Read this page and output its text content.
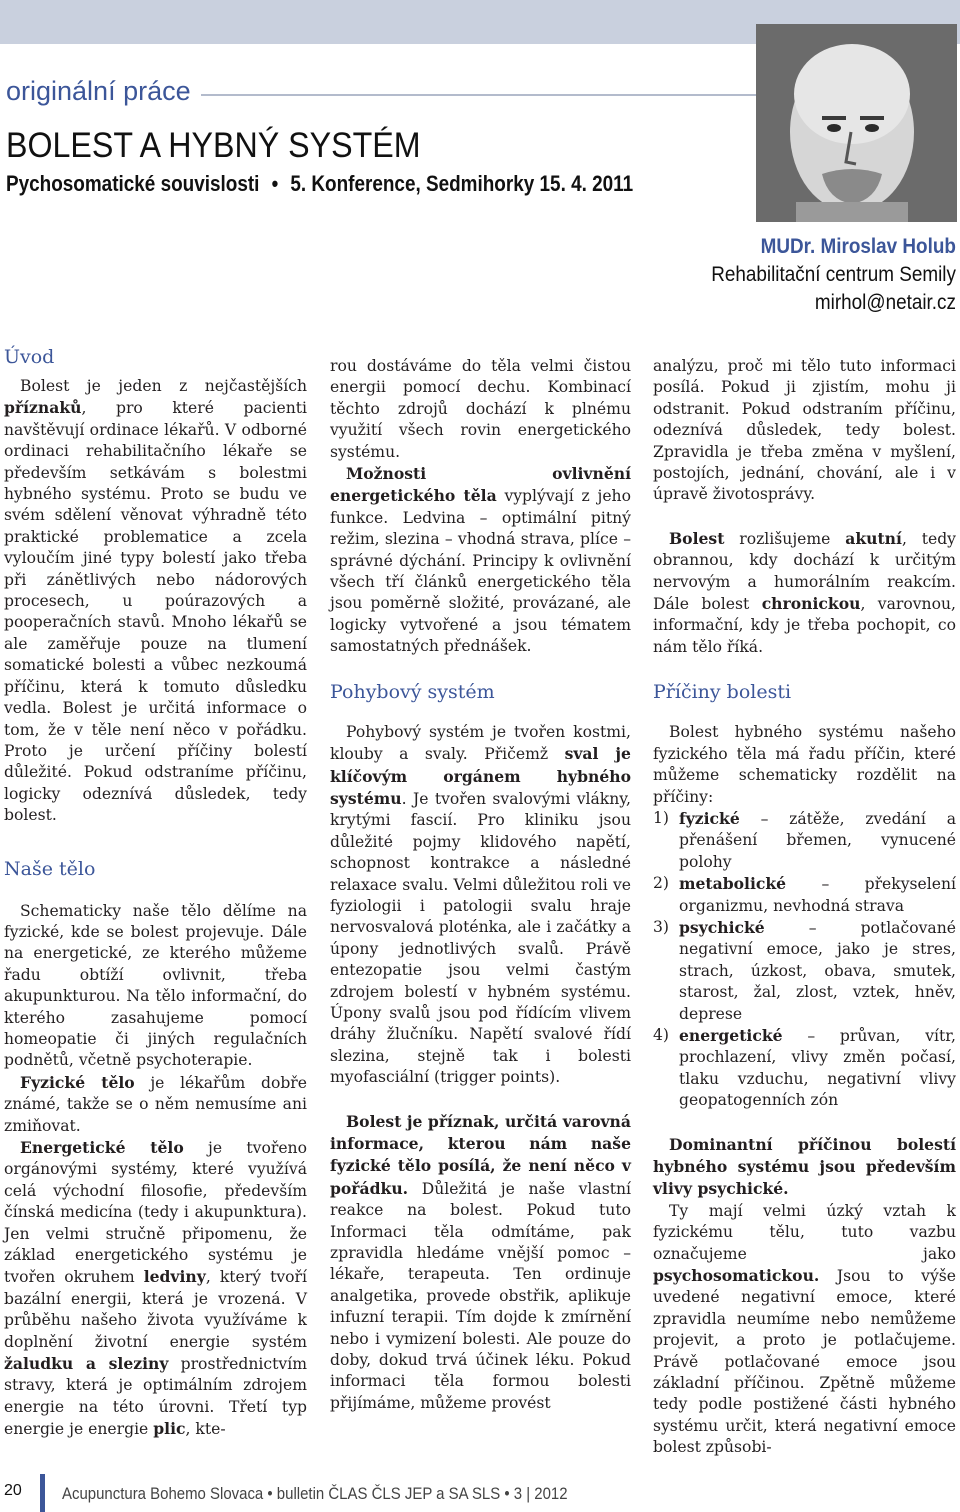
originální práce
BOLEST A HYBNÝ SYSTÉM
Pychosomatické souvislosti • 5. Konference, Sedmihorky 15. 4. 2011
MUDr. Miroslav Holub
Rehabilitační centrum Semily
mirhol@netair.cz
Úvod

Bolest je jeden z nejčastějších příznaků, pro které pacienti navštěvují ordinace lékařů. V odborné ordinaci rehabilitačního lékaře se především setkávám s bolestmi hybného systému. Proto se budu ve svém sdělení věnovat výhradně této praktické problematice a zcela vyloučím jiné typy bolestí jako třeba při zánětlivých nebo nádorových procesech, u poúrazových a pooperačních stavů. Mnoho lékařů se ale zaměřuje pouze na tlumení somatické bolesti a vůbec nezkoumá příčinu, která k tomuto důsledku vedla. Bolest je určitá informace o tom, že v těle není něco v pořádku. Proto je určení příčiny bolestí důležité. Pokud odstraníme příčinu, logicky odeznívá důsledek, tedy bolest.

Naše tělo

Schematicky naše tělo dělíme na fyzické, kde se bolest projevuje. Dále na energetické, ze kterého můžeme řadu obtíží ovlivnit, třeba akupunkturou. Na tělo informační, do kterého zasahujeme pomocí homeopatie či jiných regulačních podnětů, včetně psychoterapie.

Fyzické tělo je lékařům dobře známé, takže se o něm nemusíme ani zmiňovat.

Energetické tělo je tvořeno orgánovými systémy, které využívá celá východní filosofie, především čínská medicína (tedy i akupunktura). Jen velmi stručně připomenu, že základ energetického systému je tvořen okruhem ledviny, který tvoří bazální energii, která je vrozená. V průběhu našeho života využíváme k doplnění životní energie systém žaludku a sleziny prostřednictvím stravy, která je optimálním zdrojem energie na této úrovni. Třetí typ energie je energie plic, kte-

rou dostáváme do těla velmi čistou energii pomocí dechu. Kombinací těchto zdrojů dochází k plnému využití všech rovin energetického systému.

Možnosti ovlivnění energetického těla vyplývají z jeho funkce. Ledvina – optimální pitný režim, slezina – vhodná strava, plíce – správné dýchání. Principy k ovlivnění všech tří článků energetického těla jsou poměrně složité, provázané, ale logicky vytvořené a jsou tématem samostatných přednášek.

Pohybový systém

Pohybový systém je tvořen kostmi, klouby a svaly. Přičemž sval je klíčovým orgánem hybného systému. Je tvořen svalovými vlákny, krytými fascií. Pro kliniku jsou důležité pojmy klidového napětí, schopnost kontrakce a následné relaxace svalu. Velmi důležitou roli ve fyziologii i patologii svalu hraje nervosvalová ploténka, ale i začátky a úpony jednotlivých svalů. Právě entezopatie jsou velmi častým zdrojem bolestí v hybném systému. Úpony svalů jsou pod řídícím vlivem dráhy žlučníku. Napětí svalové řídí slezina, stejně tak i bolesti myofasciální (trigger points).

Bolest je příznak, určitá varovná informace, kterou nám naše fyzické tělo posílá, že není něco v pořádku. Důležitá je naše vlastní reakce na bolest. Pokud tuto Informaci těla odmítáme, pak zpravidla hledáme vnější pomoc – lékaře, terapeuta. Ten ordinuje analgetika, provede obstřik, aplikuje infuzní terapii. Tím dojde k zmírnění nebo i vymizení bolesti. Ale pouze do doby, dokud trvá účinek léku. Pokud informaci těla formou bolesti přijímáme, můžeme provést

analýzu, proč mi tělo tuto informaci posílá. Pokud ji zjistím, mohu ji odstranit. Pokud odstraním příčinu, odeznívá důsledek, tedy bolest. Zpravidla je třeba změna v myšlení, postojích, jednání, chování, ale i v úpravě životosprávy.

Bolest rozlišujeme akutní, tedy obrannou, kdy dochází k určitým nervovým a humorálním reakcím. Dále bolest chronickou, varovnou, informační, kdy je třeba pochopit, co nám tělo říká.

Příčiny bolesti

Bolest hybného systému našeho fyzického těla má řadu příčin, které můžeme schematicky rozdělit na příčiny:

1) fyzické – zátěže, zvedání a přenášení břemen, vynucené polohy
2) metabolické – překyselení organizmu, nevhodná strava
3) psychické – potlačované negativní emoce, jako je stres, strach, úzkost, obava, smutek, starost, žal, zlost, vztek, hněv, deprese
4) energetické – průvan, vítr, prochlazení, vlivy změn počasí, tlaku vzduchu, negativní vlivy geopatogenních zón

Dominantní příčinou bolestí hybného systému jsou především vlivy psychické.

Ty mají velmi úzký vztah k fyzickému tělu, tuto vazbu označujeme jako psychosomatickou. Jsou to výše uvedené negativní emoce, které zpravidla neumíme nebo nemůžeme projevit, a proto je potlačujeme. Právě potlačované emoce jsou základní příčinou. Zpětně můžeme tedy podle postižené části hybného systému určit, která negativní emoce bolest způsobi-

20 Acupunctura Bohemo Slovaca • bulletin ČLAS ČLS JEP a SA SLS • 3 | 2012
